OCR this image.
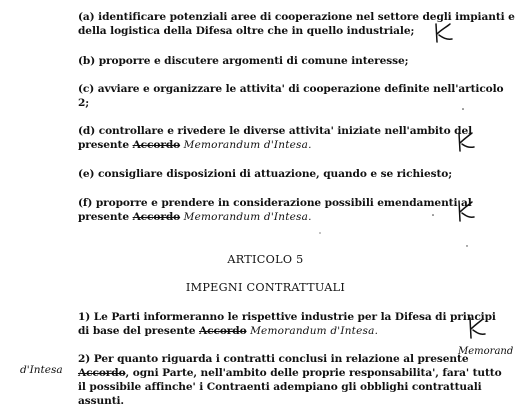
(a) identificare potenziali aree di cooperazione nel settore degli impianti e
della logistica della Difesa oltre che in quello industriale;
(b) proporre e discutere argomenti di comune interesse;
(c) avviare e organizzare le attivita' di cooperazione definite nell'articolo
2;
(d) controllare e rivedere le diverse attivita' iniziate nell'ambito del
presente Accordo Memorandum d'Intesa.
(e) consigliare disposizioni di attuazione, quando e se richiesto;
(f) proporre e prendere in considerazione possibili emendamenti al
presente Accordo Memorandum d'Intesa.
ARTICOLO 5
IMPEGNI CONTRATTUALI
1) Le Parti informeranno le rispettive industrie per la Difesa di principi
di base del presente Accordo Memorandum d'Intesa.
2) Per quanto riguarda i contratti conclusi in relazione al presente
Accordo, ogni Parte, nell'ambito delle proprie responsabilita', fara' tutto
il possibile affinche' i Contraenti adempiano gli obblighi contrattuali
assunti.
Memorand
d'Intesa
